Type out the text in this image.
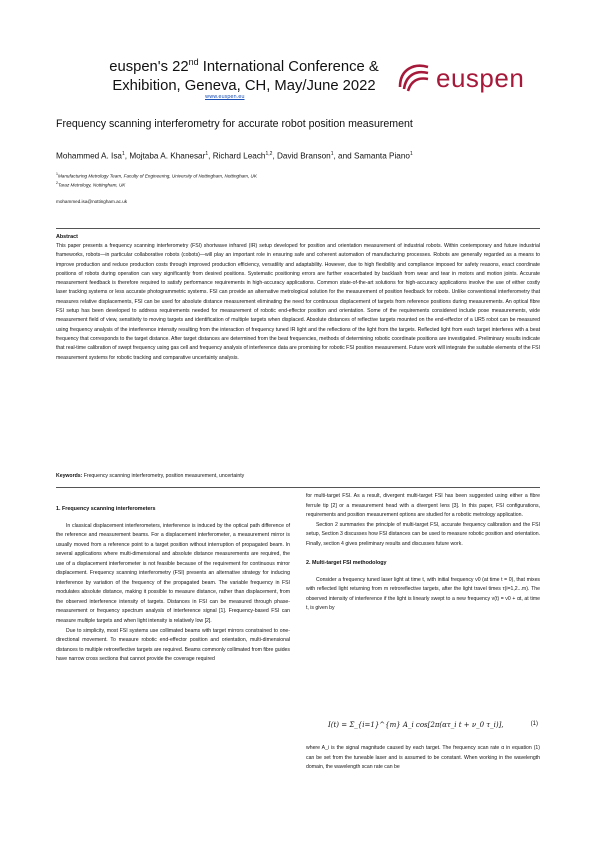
euspen's 22nd International Conference &
Exhibition, Geneva, CH, May/June 2022
www.euspen.eu
euspen
Frequency scanning interferometry for accurate robot position measurement
Mohammed A. Isa$^1$, Mojtaba A. Khanesar$^1$, Richard Leach$^{1,2}$, David Branson$^1$, and Samanta Piano$^1$
$^1$Manufacturing Metrology Team, Faculty of Engineering, University of Nottingham, Nottingham, UK
$^2$Taraz Metrology, Nottingham, UK
mohammed.isa@nottingham.ac.uk
Abstract
This paper presents a frequency scanning interferometry (FSI) shortwave infrared (IR) setup developed for position and orientation measurement of industrial robots. Within contemporary and future industrial frameworks, robots—in particular collaborative robots (cobots)—will play an important role in ensuring safe and coherent automation of manufacturing processes. Robots are generally regarded as a means to improve production and reduce production costs through improved production efficiency, versatility and adaptability. However, due to high flexibility and compliance imposed for safety reasons, exact coordinate positions of robots during operation can vary significantly from desired positions. Systematic positioning errors are further exacerbated by backlash from wear and tear in motors and motion joints. Accurate measurement feedback is therefore required to satisfy performance requirements in high-accuracy applications. Common state-of-the-art solutions for high-accuracy applications involve the use of either costly laser tracking systems or less accurate photogrammetric systems. FSI can provide an alternative metrological solution for the measurement of position feedback for robots. Unlike conventional interferometry that measures relative displacements, FSI can be used for absolute distance measurement eliminating the need for continuous displacement of targets from reference positions during measurements. An optical fibre FSI setup has been developed to address requirements needed for measurement of robotic end-effector position and orientation. Some of the requirements considered include pose measurements, wide measurement field of view, sensitivity to moving targets and identification of multiple targets when displaced. Absolute distances of reflective targets mounted on the end-effector of a UR5 robot can be measured using frequency analysis of the interference intensity resulting from the interaction of frequency tuned IR light and the reflections of the light from the targets. Reflected light from each target interferes with a beat frequency that corresponds to the target distance. After target distances are determined from the beat frequencies, methods of determining robotic coordinate positions are investigated. Preliminary results indicate that real-time calibration of swept frequency using gas cell and frequency analysis of interference data are promising for robotic FSI position measurement. Future work will integrate the suitable elements of the FSI measurement systems for robotic tracking and comparative uncertainty analysis.
Keywords: Frequency scanning interferometry, position measurement, uncertainty
1. Frequency scanning interferometers

In classical displacement interferometers, interference is induced by the optical path difference of the reference and measurement beams. For a displacement interferometer, a measurement mirror is usually moved from a reference point to a target position without interruption of propagated beam. In several applications where multi-dimensional and absolute distance measurements are required, the use of a displacement interferometer is not feasible because of the requirement for continuous mirror displacement. Frequency scanning interferometry (FSI) presents an alternative strategy for inducing interference by variation of the frequency of the propagated beam. The variable frequency in FSI modulates absolute distance, making it possible to measure distance, rather than displacement, from the observed interference intensity of targets. Distances in FSI can be measured through phase-measurement or frequency spectrum analysis of interference signal [1]. Frequency-based FSI can measure multiple targets and when light intensity is relatively low [2].

Due to simplicity, most FSI systems use collimated beams with target mirrors constrained to one-directional movement. To measure robotic end-effector position and orientation, multi-dimensional distances to multiple retroreflective targets are required. Beams commonly collimated from fibre guides have narrow cross sections that cannot provide the coverage required

for multi-target FSI. As a result, divergent multi-target FSI has been suggested using either a fibre ferrule tip [2] or a measurement head with a divergent lens [3]. In this paper, FSI configurations, requirements and position measurement options are studied for a robotic metrology application.

Section 2 summaries the principle of multi-target FSI, accurate frequency calibration and the FSI setup, Section 3 discusses how FSI distances can be used to measure robotic position and orientation. Finally, section 4 gives preliminary results and discusses future work.

2. Multi-target FSI methodology

Consider a frequency tuned laser light at time t, with initial frequency ν0 (at time t = 0), that mixes with reflected light returning from m retroreflective targets, after the light travel times τ(i=1,2...m). The observed intensity of interference if the light is linearly swept to a new frequency ν(t) = ν0 + αt, at time t, is given by

I(t) = Σ_{i=1}^{m} A_i cos[2π(ατ_i t + ν_0 τ_i)],	(1)

where A_i is the signal magnitude caused by each target. The frequency scan rate α in equation (1) can be set from the tuneable laser and is assumed to be constant. When working in the wavelength domain, the wavelength scan rate can be
